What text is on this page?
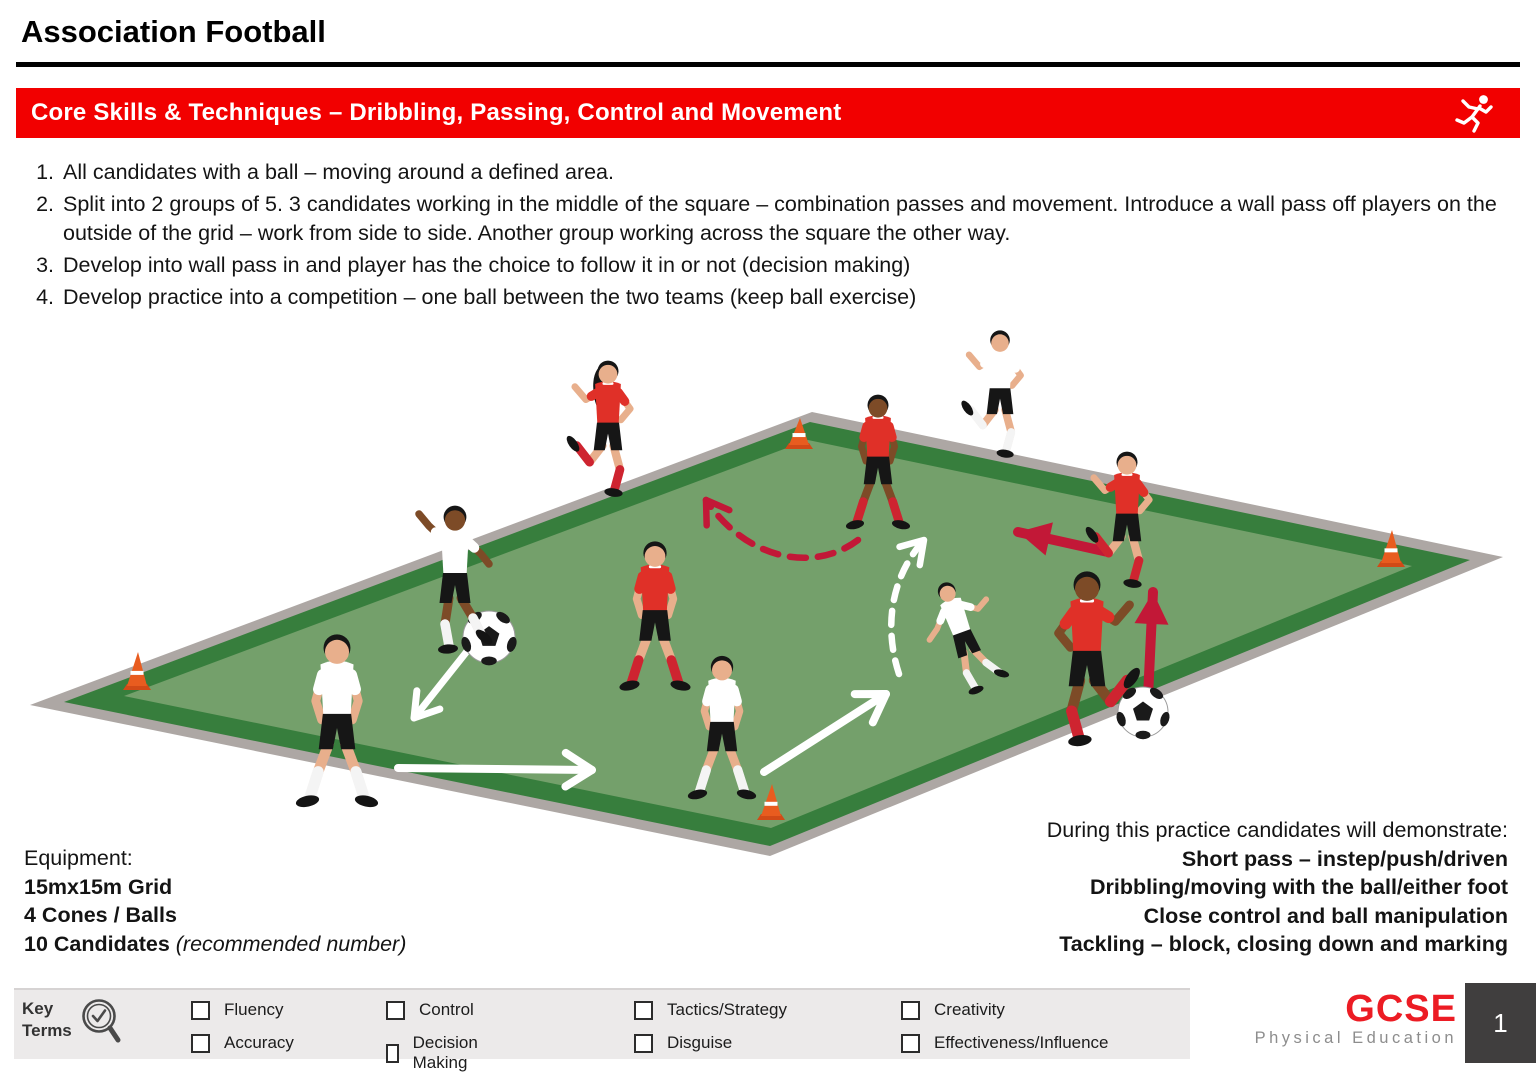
Association Football
Core Skills & Techniques – Dribbling, Passing, Control and Movement
1. All candidates with a ball – moving around a defined area.
2. Split into 2 groups of 5. 3 candidates working in the middle of the square – combination passes and movement. Introduce a wall pass off players on the outside of the grid – work from side to side. Another group working across the square the other way.
3. Develop into wall pass in and player has the choice to follow it in or not (decision making)
4. Develop practice into a competition – one ball between the two teams (keep ball exercise)
Equipment:
15mx15m Grid
4 Cones / Balls
10 Candidates (recommended number)
During this practice candidates will demonstrate:
Short pass – instep/push/driven
Dribbling/moving with the ball/either foot
Close control and ball manipulation
Tackling – block, closing down and marking
Key
Terms
Fluency
Accuracy
Control
Decision Making
Tactics/Strategy
Disguise
Creativity
Effectiveness/Influence
GCSE
Physical Education
1
